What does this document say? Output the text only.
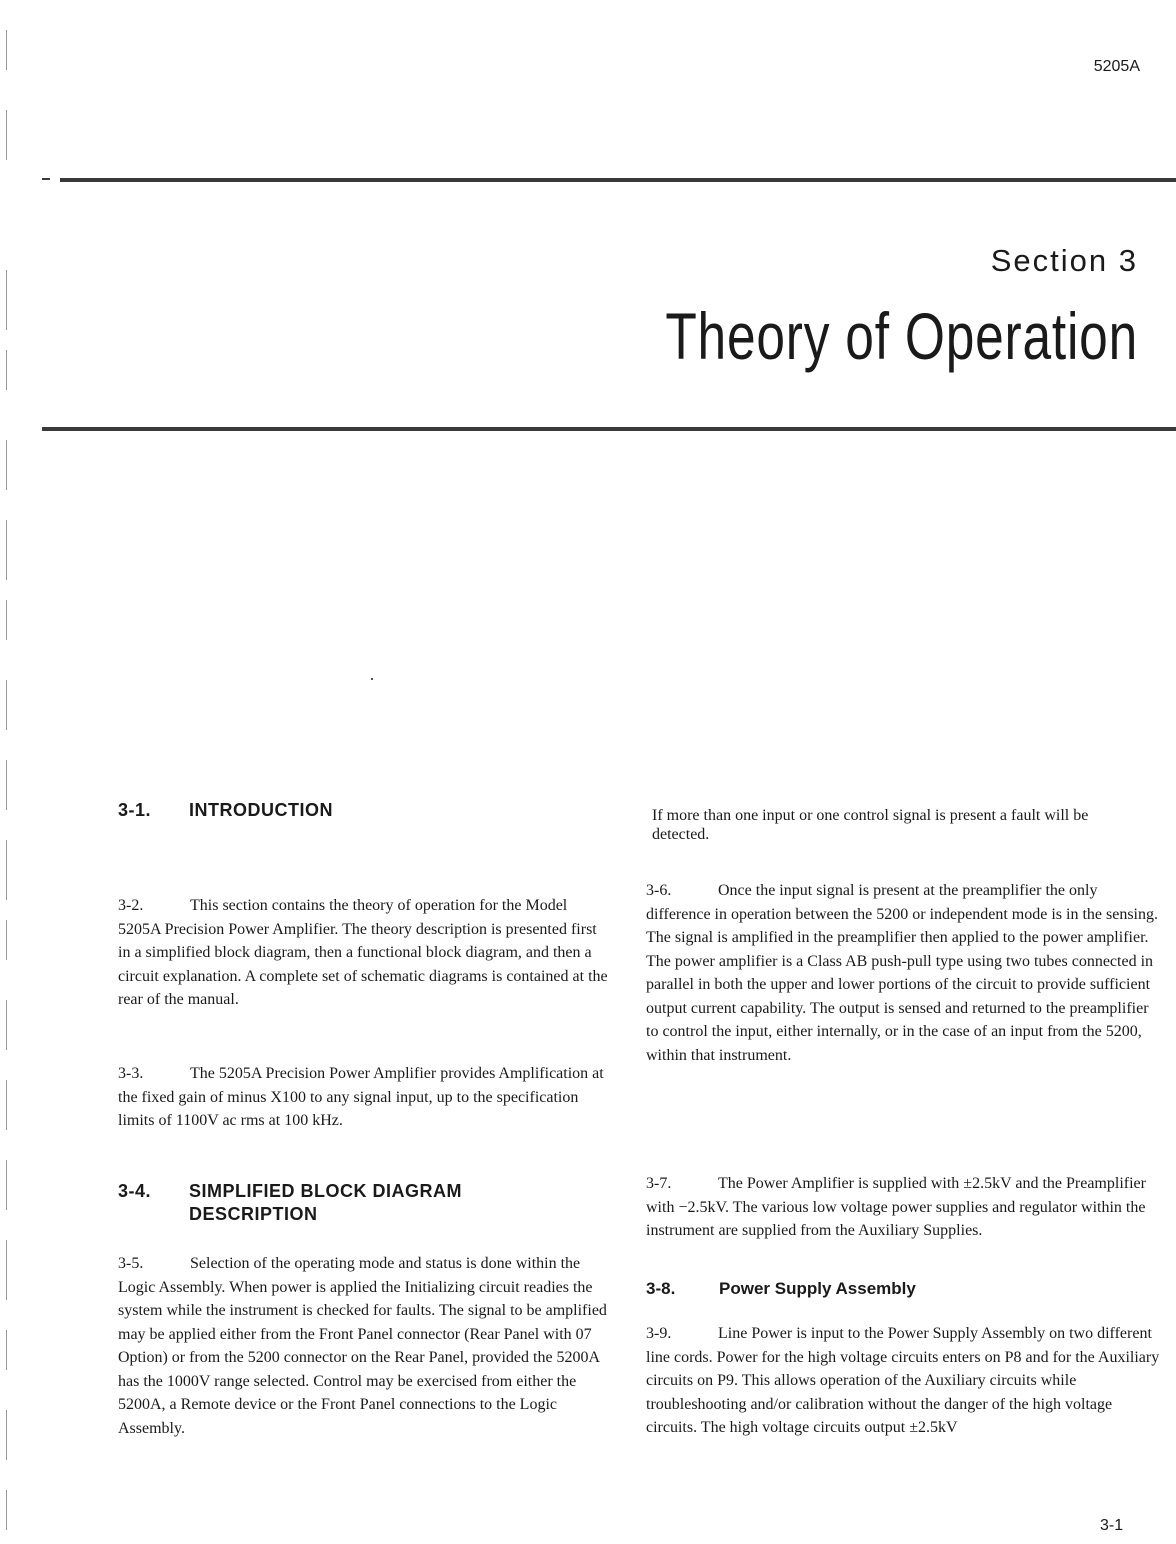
5205A
Section 3
Theory of Operation
3-1. INTRODUCTION

3-2.	This section contains the theory of operation for the Model 5205A Precision Power Amplifier. The theory description is presented first in a simplified block diagram, then a functional block diagram, and then a circuit explanation. A complete set of schematic diagrams is contained at the rear of the manual.

3-3.	The 5205A Precision Power Amplifier provides Amplification at the fixed gain of minus X100 to any signal input, up to the specification limits of 1100V ac rms at 100 kHz.

3-4. SIMPLIFIED BLOCK DIAGRAM DESCRIPTION

3-5.	Selection of the operating mode and status is done within the Logic Assembly. When power is applied the Initializing circuit readies the system while the instrument is checked for faults. The signal to be amplified may be applied either from the Front Panel connector (Rear Panel with 07 Option) or from the 5200 connector on the Rear Panel, provided the 5200A has the 1000V range selected. Control may be exercised from either the 5200A, a Remote device or the Front Panel connections to the Logic Assembly.

If more than one input or one control signal is present a fault will be detected.

3-6.	Once the input signal is present at the preamplifier the only difference in operation between the 5200 or independent mode is in the sensing. The signal is amplified in the preamplifier then applied to the power amplifier. The power amplifier is a Class AB push-pull type using two tubes connected in parallel in both the upper and lower portions of the circuit to provide sufficient output current capability. The output is sensed and returned to the preamplifier to control the input, either internally, or in the case of an input from the 5200, within that instrument.

3-7.	The Power Amplifier is supplied with ±2.5kV and the Preamplifier with −2.5kV. The various low voltage power supplies and regulator within the instrument are supplied from the Auxiliary Supplies.

3-8.	Power Supply Assembly

3-9.	Line Power is input to the Power Supply Assembly on two different line cords. Power for the high voltage circuits enters on P8 and for the Auxiliary circuits on P9. This allows operation of the Auxiliary circuits while troubleshooting and/or calibration without the danger of the high voltage circuits. The high voltage circuits output ±2.5kV

3-1
